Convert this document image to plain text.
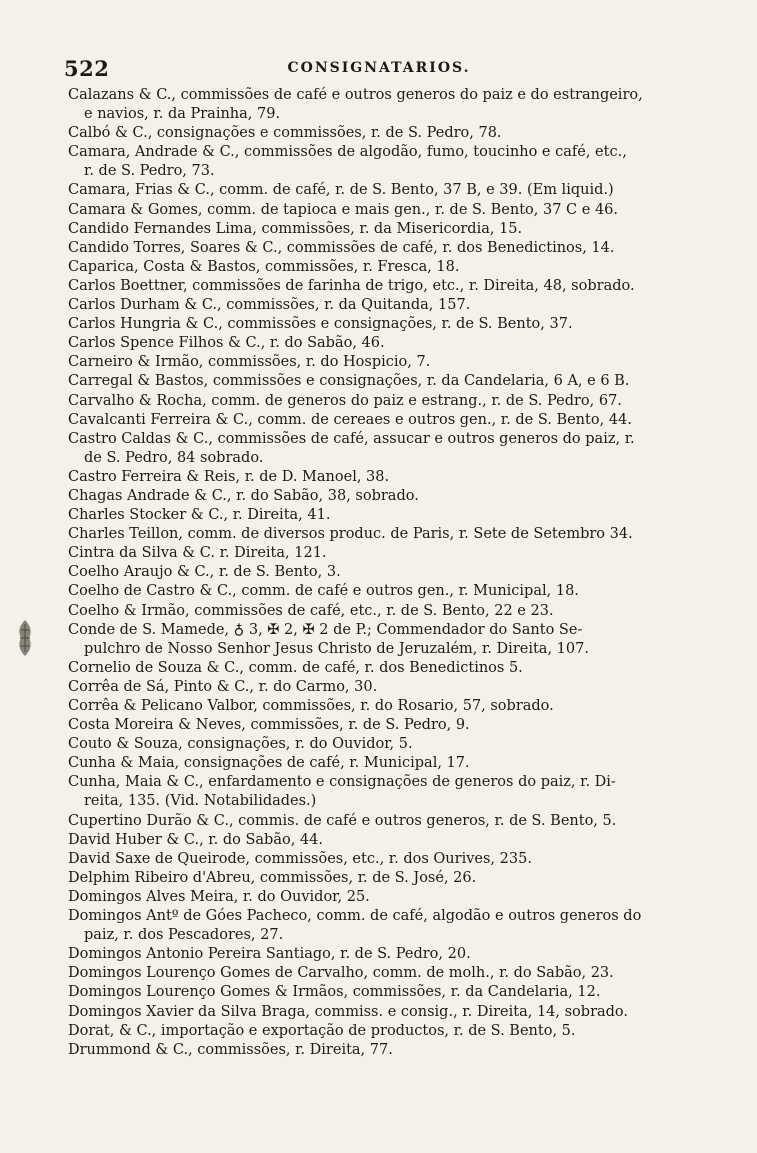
522	CONSIGNATARIOS.
Calazans & C., commissões de café e outros generos do paiz e do estrangeiro,
e navios, r. da Prainha, 79.
Calbó & C., consignações e commissões, r. de S. Pedro, 78.
Camara, Andrade & C., commissões de algodão, fumo, toucinho e café, etc.,
r. de S. Pedro, 73.
Camara, Frias & C., comm. de café, r. de S. Bento, 37 B, e 39. (Em liquid.)
Camara & Gomes, comm. de tapioca e mais gen., r. de S. Bento, 37 C e 46.
Candido Fernandes Lima, commissões, r. da Misericordia, 15.
Candido Torres, Soares & C., commissões de café, r. dos Benedictinos, 14.
Caparica, Costa & Bastos, commissões, r. Fresca, 18.
Carlos Boettner, commissões de farinha de trigo, etc., r. Direita, 48, sobrado.
Carlos Durham & C., commissões, r. da Quitanda, 157.
Carlos Hungria & C., commissões e consignações, r. de S. Bento, 37.
Carlos Spence Filhos & C., r. do Sabão, 46.
Carneiro & Irmão, commissões, r. do Hospicio, 7.
Carregal & Bastos, commissões e consignações, r. da Candelaria, 6 A, e 6 B.
Carvalho & Rocha, comm. de generos do paiz e estrang., r. de S. Pedro, 67.
Cavalcanti Ferreira & C., comm. de cereaes e outros gen., r. de S. Bento, 44.
Castro Caldas & C., commissões de café, assucar e outros generos do paiz, r.
de S. Pedro, 84 sobrado.
Castro Ferreira & Reis, r. de D. Manoel, 38.
Chagas Andrade & C., r. do Sabão, 38, sobrado.
Charles Stocker & C., r. Direita, 41.
Charles Teillon, comm. de diversos produc. de Paris, r. Sete de Setembro 34.
Cintra da Silva & C. r. Direita, 121.
Coelho Araujo & C., r. de S. Bento, 3.
Coelho de Castro & C., comm. de café e outros gen., r. Municipal, 18.
Coelho & Irmão, commissões de café, etc., r. de S. Bento, 22 e 23.
Conde de S. Mamede, ♁ 3, ✠ 2, ✠ 2 de P.; Commendador do Santo Se-
pulchro de Nosso Senhor Jesus Christo de Jeruzalém, r. Direita, 107.
Cornelio de Souza & C., comm. de café, r. dos Benedictinos 5.
Corrêa de Sá, Pinto & C., r. do Carmo, 30.
Corrêa & Pelicano Valbor, commissões, r. do Rosario, 57, sobrado.
Costa Moreira & Neves, commissões, r. de S. Pedro, 9.
Couto & Souza, consignações, r. do Ouvidor, 5.
Cunha & Maia, consignações de café, r. Municipal, 17.
Cunha, Maia & C., enfardamento e consignações de generos do paiz, r. Di-
reita, 135. (Vid. Notabilidades.)
Cupertino Durão & C., commis. de café e outros generos, r. de S. Bento, 5.
David Huber & C., r. do Sabão, 44.
David Saxe de Queirode, commissões, etc., r. dos Ourives, 235.
Delphim Ribeiro d'Abreu, commissões, r. de S. José, 26.
Domingos Alves Meira, r. do Ouvidor, 25.
Domingos Antº de Góes Pacheco, comm. de café, algodão e outros generos do
paiz, r. dos Pescadores, 27.
Domingos Antonio Pereira Santiago, r. de S. Pedro, 20.
Domingos Lourenço Gomes de Carvalho, comm. de molh., r. do Sabão, 23.
Domingos Lourenço Gomes & Irmãos, commissões, r. da Candelaria, 12.
Domingos Xavier da Silva Braga, commiss. e consig., r. Direita, 14, sobrado.
Dorat, & C., importação e exportação de productos, r. de S. Bento, 5.
Drummond & C., commissões, r. Direita, 77.
